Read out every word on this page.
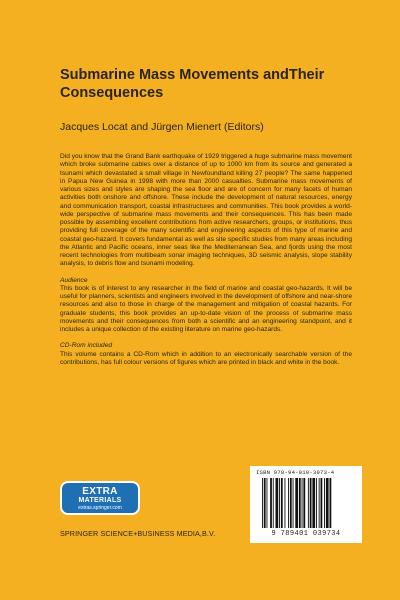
Submarine Mass Movements andTheir
Consequences
Jacques Locat and Jürgen Mienert (Editors)

Did you know that the Grand Bank earthquake of 1929 triggered a huge submarine mass movement which broke submarine cables over a distance of up to 1000 km from its source and generated a tsunami which devastated a small village in Newfoundland killing 27 people? The same happened in Papua New Guinea in 1998 with more than 2000 casualties. Submarine mass movements of various sizes and styles are shaping the sea floor and are of concern for many facets of human activities both onshore and offshore. These include the development of natural resources, energy and communication transport, coastal infrastructures and communities. This book provides a world-wide perspective of submarine mass movements and their consequences. This has been made possible by assembling excellent contributions from active researchers, groups, or institutions, thus providing full coverage of the many scientific and engineering aspects of this type of marine and coastal geo-hazard. It covers fundamental as well as site specific studies from many areas including the Atlantic and Pacific oceans, inner seas like the Mediterranean Sea, and fjords using the most recent technologies from multibeam sonar imaging techniques, 3D seismic analysis, slope stability analysis, to debris flow and tsunami modeling.

Audience

This book is of interest to any researcher in the field of marine and coastal geo-hazards. It will be useful for planners, scientists and engineers involved in the development of offshore and near-shore resources and also to those in charge of the management and mitigation of coastal hazards. For graduate students, this book provides an up-to-date vision of the process of submarine mass movements and their consequences from both a scientific and an engineering standpoint, and it includes a unique collection of the existing literature on marine geo-hazards.

CD-Rom included

This volume contains a CD-Rom which in addition to an electronically searchable version of the contributions, has full colour versions of figures which are printed in black and white in the book.

EXTRA
MATERIALS
extras.springer.com
SPRINGER SCIENCE+BUSINESS MEDIA,B.V.
ISBN 978-94-010-3973-4
9 789401 039734
